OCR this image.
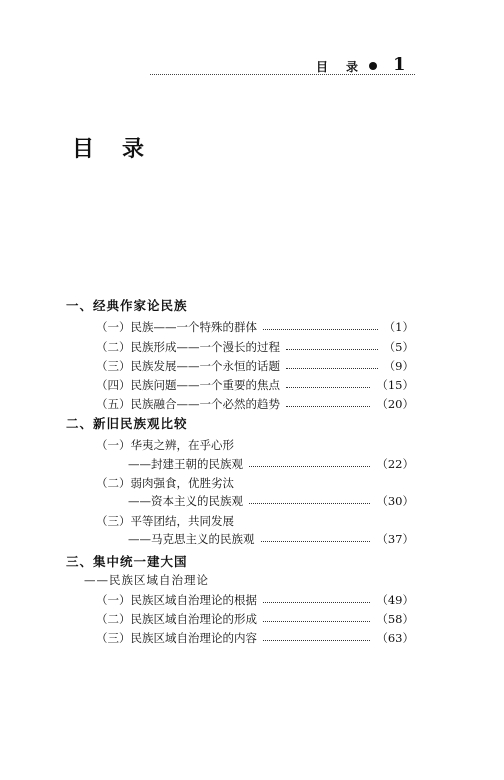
目 录 1
目 录
一、经典作家论民族
（一）民族——一个特殊的群体	（1）
（二）民族形成——一个漫长的过程	（5）
（三）民族发展——一个永恒的话题	（9）
（四）民族问题——一个重要的焦点	（15）
（五）民族融合——一个必然的趋势	（20）
二、新旧民族观比较
（一）华夷之辨，在乎心形
——封建王朝的民族观	（22）
（二）弱肉强食，优胜劣汰
——资本主义的民族观	（30）
（三）平等团结，共同发展
——马克思主义的民族观	（37）
三、集中统一建大国
——民族区域自治理论
（一）民族区域自治理论的根据	（49）
（二）民族区域自治理论的形成	（58）
（三）民族区域自治理论的内容	（63）
